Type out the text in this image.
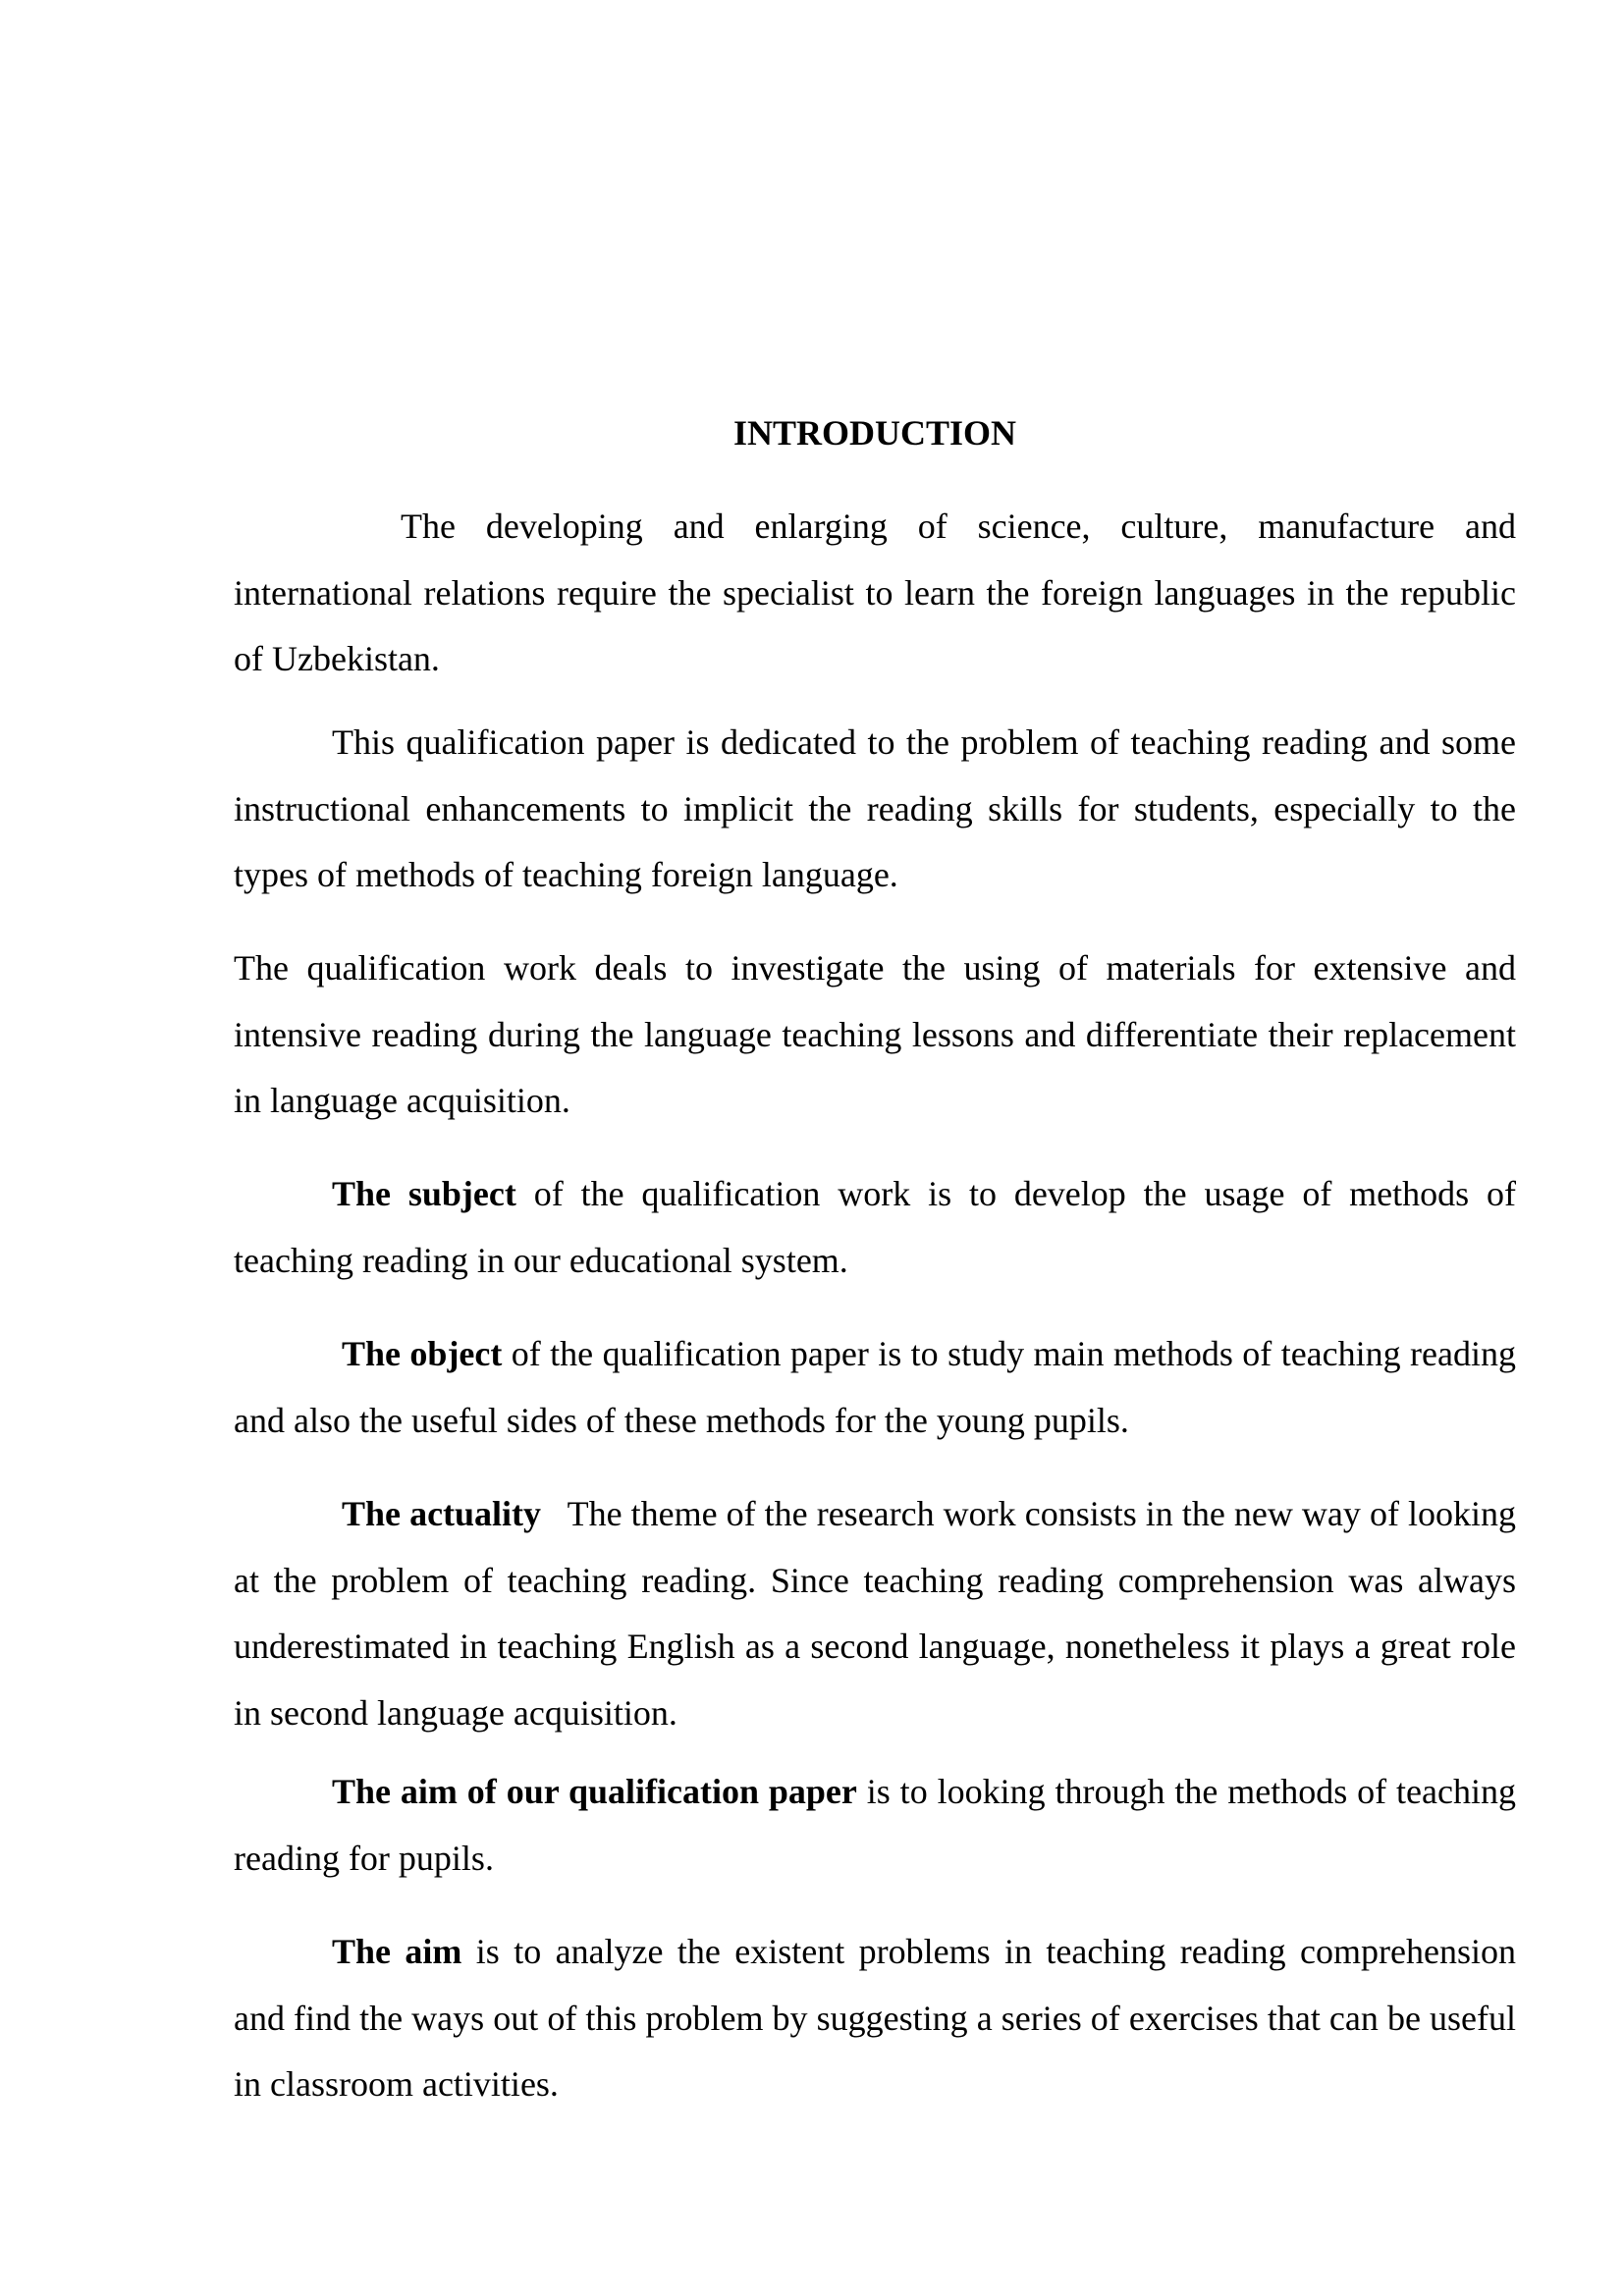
INTRODUCTION

The developing and enlarging of science, culture, manufacture and international relations require the specialist to learn the foreign languages in the republic of Uzbekistan.

This qualification paper is dedicated to the problem of teaching reading and some instructional enhancements to implicit the reading skills for students, especially to the types of methods of teaching foreign language.

The qualification work deals to investigate the using of materials for extensive and intensive reading during the language teaching lessons and differentiate their replacement in language acquisition.

The subject of the qualification work is to develop the usage of methods of teaching reading in our educational system.

The object of the qualification paper is to study main methods of teaching reading and also the useful sides of these methods for the young pupils.

The actuality   The theme of the research work consists in the new way of looking at the problem of teaching reading. Since teaching reading comprehension was always underestimated in teaching English as a second language, nonetheless it plays a great role in second language acquisition.

The aim of our qualification paper is to looking through the methods of teaching reading for pupils.

The aim is to analyze the existent problems in teaching reading comprehension and find the ways out of this problem by suggesting a series of exercises that can be useful in classroom activities.
